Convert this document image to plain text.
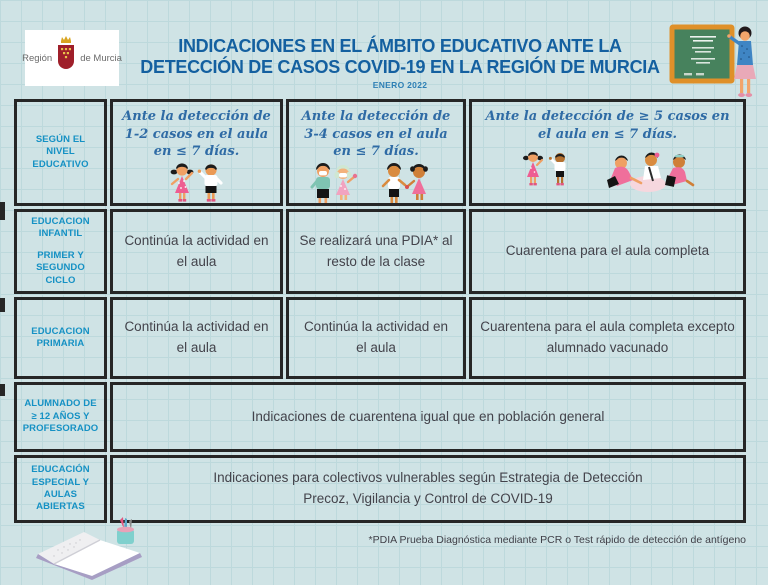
Región	de Murcia
INDICACIONES EN EL ÁMBITO EDUCATIVO ANTE LA
DETECCIÓN DE CASOS COVID-19 EN LA REGIÓN DE MURCIA
ENERO 2022
SEGÚN EL NIVEL EDUCATIVO
Ante la detección de 1-2 casos en el aula en ≤ 7 días.
Ante la detección de 3-4 casos en el aula en ≤ 7 días.
Ante la detección de ≥ 5 casos en el aula en ≤ 7 días.
EDUCACION INFANTIL
PRIMER Y SEGUNDO CICLO
Continúa la actividad en el aula
Se realizará una PDIA* al resto de la clase
Cuarentena para el aula completa
EDUCACION PRIMARIA
Continúa la actividad en el aula
Continúa la actividad en el aula
Cuarentena para el aula completa excepto alumnado vacunado
ALUMNADO DE ≥ 12 AÑOS Y PROFESORADO
Indicaciones de cuarentena igual que en población general
EDUCACIÓN ESPECIAL Y AULAS ABIERTAS
Indicaciones para colectivos vulnerables según Estrategia de Detección Precoz, Vigilancia y Control de COVID-19
*PDIA Prueba Diagnóstica mediante PCR o Test rápido de detección de antígeno
